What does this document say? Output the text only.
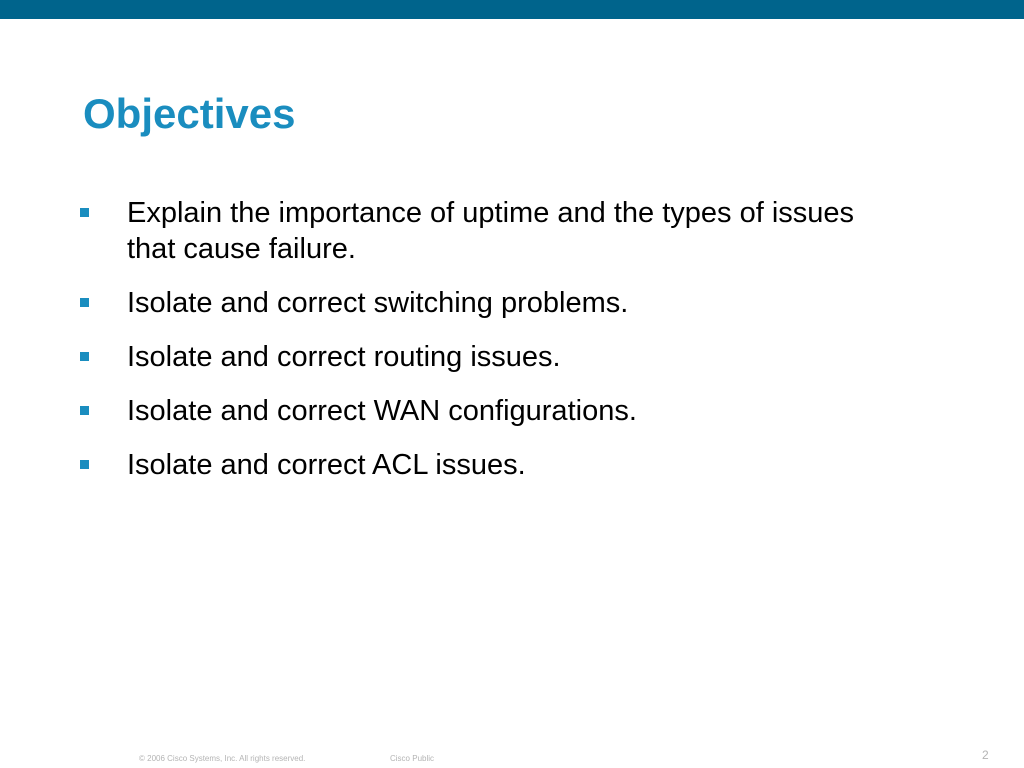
Objectives
Explain the importance of uptime and the types of issues that cause failure.
Isolate and correct switching problems.
Isolate and correct routing issues.
Isolate and correct WAN configurations.
Isolate and correct ACL issues.
© 2006 Cisco Systems, Inc. All rights reserved.	Cisco Public	2
